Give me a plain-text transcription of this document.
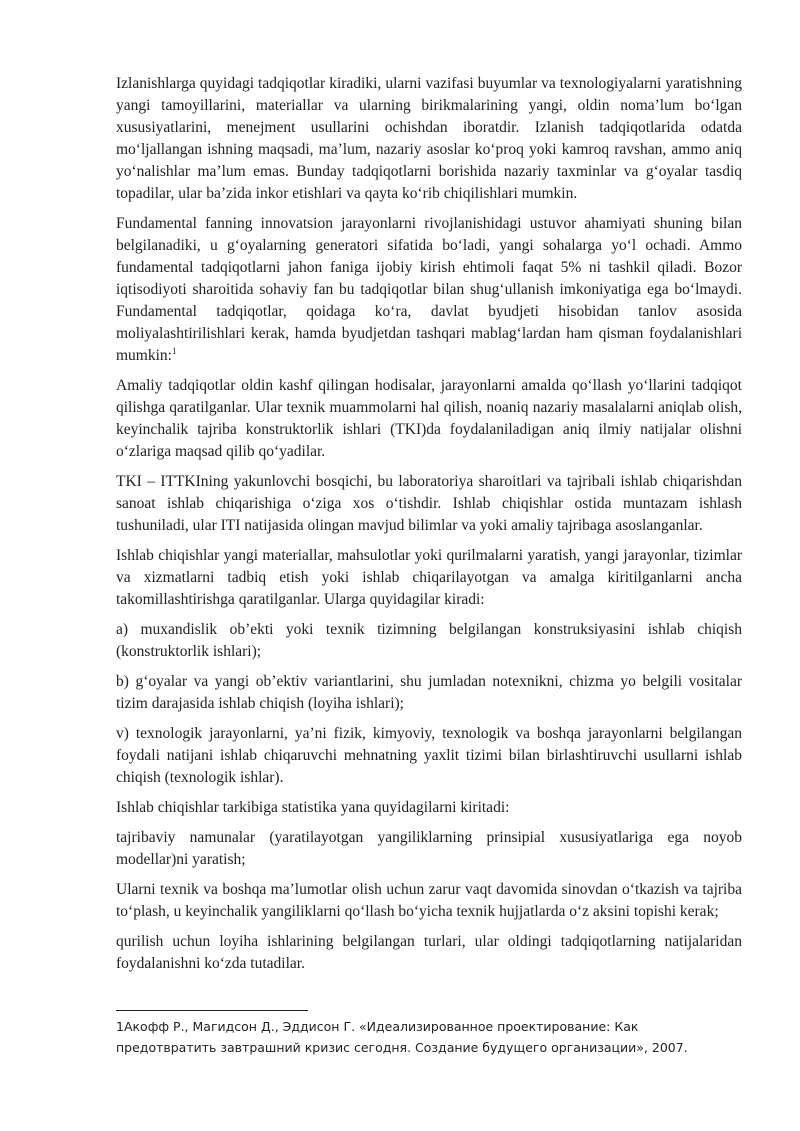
Izlanishlarga quyidagi tadqiqotlar kiradiki, ularni vazifasi buyumlar va texnologiyalarni yaratishning yangi tamoyillarini, materiallar va ularning birikmalarining yangi, oldin noma’lum bo‘lgan xususiyatlarini, menejment usullarini ochishdan iboratdir. Izlanish tadqiqotlarida odatda mo‘ljallangan ishning maqsadi, ma’lum, nazariy asoslar ko‘proq yoki kamroq ravshan, ammo aniq yo‘nalishlar ma’lum emas. Bunday tadqiqotlarni borishida nazariy taxminlar va g‘oyalar tasdiq topadilar, ular ba’zida inkor etishlari va qayta ko‘rib chiqilishlari mumkin.

Fundamental fanning innovatsion jarayonlarni rivojlanishidagi ustuvor ahamiyati shuning bilan belgilanadiki, u g‘oyalarning generatori sifatida bo‘ladi, yangi sohalarga yo‘l ochadi. Ammo fundamental tadqiqotlarni jahon faniga ijobiy kirish ehtimoli faqat 5% ni tashkil qiladi. Bozor iqtisodiyoti sharoitida sohaviy fan bu tadqiqotlar bilan shug‘ullanish imkoniyatiga ega bo‘lmaydi. Fundamental tadqiqotlar, qoidaga ko‘ra, davlat byudjeti hisobidan tanlov asosida moliyalashtirilishlari kerak, hamda byudjetdan tashqari mablag‘lardan ham qisman foydalanishlari mumkin:$^1$

Amaliy tadqiqotlar oldin kashf qilingan hodisalar, jarayonlarni amalda qo‘llash yo‘llarini tadqiqot qilishga qaratilganlar. Ular texnik muammolarni hal qilish, noaniq nazariy masalalarni aniqlab olish, keyinchalik tajriba konstruktorlik ishlari (TKI)da foydalaniladigan aniq ilmiy natijalar olishni o‘zlariga maqsad qilib qo‘yadilar.

TKI – ITTKIning yakunlovchi bosqichi, bu laboratoriya sharoitlari va tajribali ishlab chiqarishdan sanoat ishlab chiqarishiga o‘ziga xos o‘tishdir. Ishlab chiqishlar ostida muntazam ishlash tushuniladi, ular ITI natijasida olingan mavjud bilimlar va yoki amaliy tajribaga asoslanganlar.

Ishlab chiqishlar yangi materiallar, mahsulotlar yoki qurilmalarni yaratish, yangi jarayonlar, tizimlar va xizmatlarni tadbiq etish yoki ishlab chiqarilayotgan va amalga kiritilganlarni ancha takomillashtirishga qaratilganlar. Ularga quyidagilar kiradi:

a) muxandislik ob’ekti yoki texnik tizimning belgilangan konstruksiyasini ishlab chiqish (konstruktorlik ishlari);

b) g‘oyalar va yangi ob’ektiv variantlarini, shu jumladan notexnikni, chizma yo belgili vositalar tizim darajasida ishlab chiqish (loyiha ishlari);

v) texnologik jarayonlarni, ya’ni fizik, kimyoviy, texnologik va boshqa jarayonlarni belgilangan foydali natijani ishlab chiqaruvchi mehnatning yaxlit tizimi bilan birlashtiruvchi usullarni ishlab chiqish (texnologik ishlar).

Ishlab chiqishlar tarkibiga statistika yana quyidagilarni kiritadi:

tajribaviy namunalar (yaratilayotgan yangiliklarning prinsipial xususiyatlariga ega noyob modellar)ni yaratish;

Ularni texnik va boshqa ma’lumotlar olish uchun zarur vaqt davomida sinovdan o‘tkazish va tajriba to‘plash, u keyinchalik yangiliklarni qo‘llash bo‘yicha texnik hujjatlarda o‘z aksini topishi kerak;

qurilish uchun loyiha ishlarining belgilangan turlari, ular oldingi tadqiqotlarning natijalaridan foydalanishni ko‘zda tutadilar.

1Акофф Р., Магидсон Д., Эддисон Г. «Идеализированное проектирование: Как предотвратить завтрашний кризис сегодня. Создание будущего организации», 2007.
